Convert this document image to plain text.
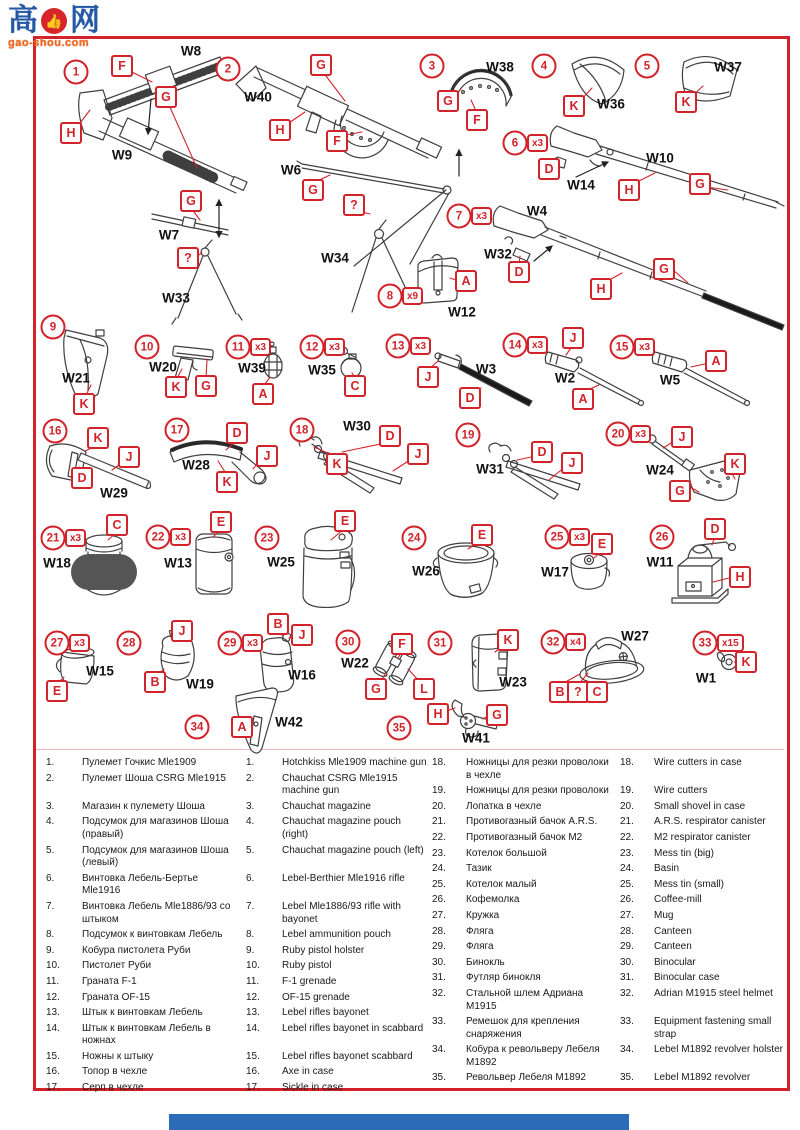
1	F
W8
G
H
W9
G
W7
?
W33
2	G
W40
H
F
W6
G
?
W34
3	W38
G
F
4
K	W36
5	W37
K
6	x3
D
W14
W10
H	G
7	x3	W4
W32
D
H
G
8	x9
A
W12
9
W21
K
10
W20
K	G
11	x3
W39
A
12	x3
W35
C
13	x3
J
W3
D
14	x3	J
W2
A
15	x3
A
W5
16	K
J
D
W29
17	D
J
W28
K
18	W30
D
J
K
19
D
J
W31
20	x3	J
W24	K
G
21	x3
C
W18
22	x3
E
W13
23
E
W25
24	E
W26
25	x3	E
W17
26
D
W11
H
27	x3
W15
E
28
J
B	W19
29	x3
B
J
W16
30
W22
F
G	L
31	K
W23
32	x4	W27
B ? C
33	x15
K
W1
34	A	W42	35
H	G
W41
高 👍 网
gao-shou.com
1.	Пулемет Гочкис Mle1909	1.	Hotchkiss Mle1909 machine gun
2.	Пулемет Шоша CSRG Mle1915	2.	Chauchat CSRG Mle1915 machine gun
3.	Магазин к пулемету Шоша	3.	Chauchat magazine
4.	Подсумок для магазинов Шоша (правый)
4.	Chauchat magazine pouch (right)
5.	Подсумок для магазинов Шоша (левый)
5.	Chauchat magazine pouch (left)
6.	Винтовка Лебель-Бертье Mle1916
6.	Lebel-Berthier Mle1916 rifle
7.	Винтовка Лебель Mle1886/93 со штыком
7.	Lebel Mle1886/93 rifle with bayonet
8.	Подсумок к винтовкам Лебель	8.	Lebel ammunition pouch
9.	Кобура пистолета Руби	9.	Ruby pistol holster
10.	Пистолет Руби	10.	Ruby pistol
11.	Граната F-1	11.	F-1 grenade
12.	Граната OF-15	12.	OF-15 grenade
13.	Штык к винтовкам Лебель	13.	Lebel rifles bayonet
14.	Штык к винтовкам Лебель в ножнах
14.	Lebel rifles bayonet in scabbard
15.	Ножны к штыку	15.	Lebel rifles bayonet scabbard
16.	Топор в чехле	16.	Axe in case
17.	Серп в чехле	17.	Sickle in case
18.	Ножницы для резки проволоки в чехле
18.	Wire cutters in case
19.	Ножницы для резки проволоки	19.	Wire cutters
20.	Лопатка в чехле	20.	Small shovel in case
21.	Противогазный бачок A.R.S.	21.	A.R.S. respirator canister
22.	Противогазный бачок M2	22.	M2 respirator canister
23.	Котелок большой	23.	Mess tin (big)
24.	Тазик	24.	Basin
25.	Котелок малый	25.	Mess tin (small)
26.	Кофемолка	26.	Coffee-mill
27.	Кружка	27.	Mug
28.	Фляга	28.	Canteen
29.	Фляга	29.	Canteen
30.	Бинокль	30.	Binocular
31.	Футляр бинокля	31.	Binocular case
32.	Стальной шлем Адриана M1915
32.	Adrian M1915 steel helmet
33.	Ремешок для крепления снаряжения
33.	Equipment fastening small strap
34.	Кобура к револьверу Лебеля M1892
34.	Lebel M1892 revolver holster
35.	Револьвер Лебеля M1892	35.	Lebel M1892 revolver
